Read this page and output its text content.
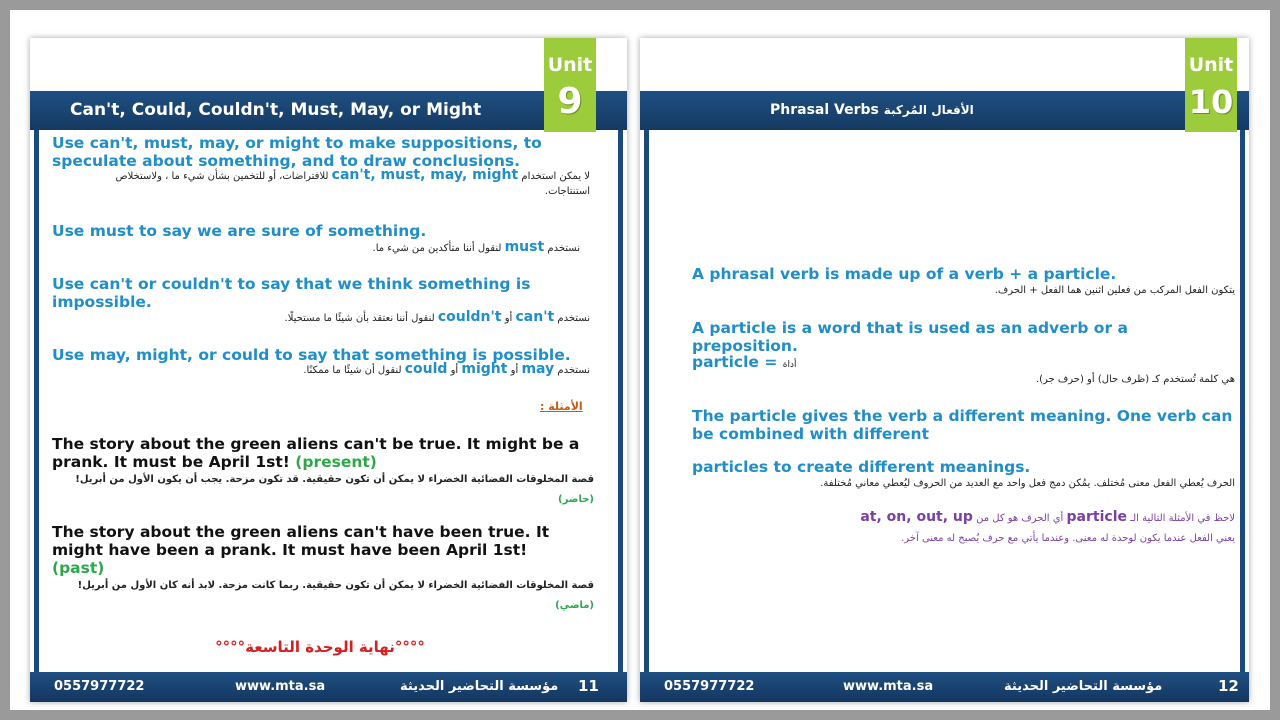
Can't, Could, Couldn't, Must, May, or Might
Unit
9
Use can't, must, may, or might to make suppositions, to speculate about something, and to draw conclusions.
لا يمكن استخدام can't, must, may, might للافتراضات، أو للتخمين بشأن شيء ما ، ولاستخلاص استنتاجات.
Use must to say we are sure of something.
نستخدم must لنقول أننا متأكدين من شيء ما.
Use can't or couldn't to say that we think something is impossible.
نستخدم can't أو couldn't لنقول أننا نعتقد بأن شيئًا ما مستحيلًا.
Use may, might, or could to say that something is possible.
نستخدم may أو might أو could لنقول أن شيئًا ما ممكنًا.
الأمثلة :
The story about the green aliens can't be true. It might be a prank. It must be April 1st! (present)
قصة المخلوقات الفضائية الخضراء لا يمكن أن تكون حقيقية. قد تكون مزحة. يجب أن يكون الأول من أبريل!
(حاضر)
The story about the green aliens can't have been true. It might have been a prank. It must have been April 1st! (past)
قصة المخلوقات الفضائية الخضراء لا يمكن أن تكون حقيقية. ربما كانت مزحة. لابد أنه كان الأول من أبريل!
(ماضي)
°°°°نهاية الوحدة التاسعة°°°°
0557977722	www.mta.sa	مؤسسة التحاضير الحديثة 11
Phrasal Verbs الأفعال المُركبة
Unit
10
A phrasal verb is made up of a verb + a particle.
يتكون الفعل المركب من فعلين اثنين هما الفعل + الحرف.
A particle is a word that is used as an adverb or a preposition.
particle = أداة
هي كلمة تُستخدم كـ (ظرف حال) أو (حرف جر).
The particle gives the verb a different meaning. One verb can be combined with different
particles to create different meanings.
الحرف يُعطي الفعل معنى مُختلف. يمُكن دمج فعل واحد مع العديد من الحروف ليُعطي معاني مُختلفة.
لاحظ في الأمثلة التالية الـ particle أي الحرف هو كل من at, on, out, up
يعني الفعل عندما يكون لوحدة له معنى. وعندما يأتي مع حرف يُصبح له معنى آخر.
0557977722	www.mta.sa	مؤسسة التحاضير الحديثة	12
